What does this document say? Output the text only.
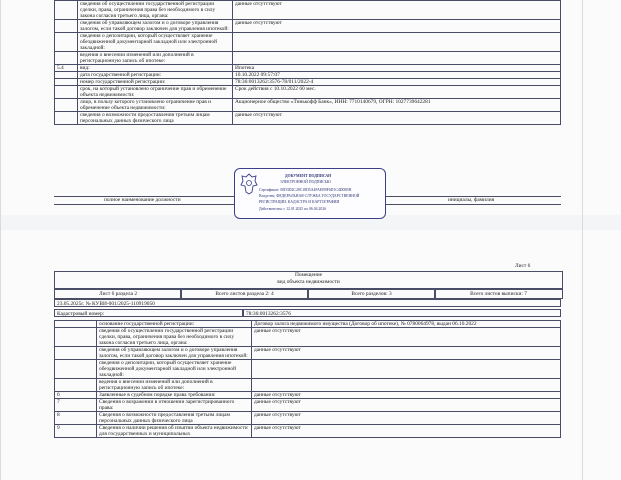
	сведения об осуществлении государственной регистрации сделки, права, ограничения права без необходимого в силу закона согласия третьего лица, органа:	данные отсутствуют
	сведения об управляющем залогом и о договоре управления залогом, если такой договор заключен для управления ипотекой:	данные отсутствуют
	сведения о депозитарии, который осуществляет хранение обездвиженной документарной закладной или электронной закладной:	
	ведения о внесении изменений или дополнений в регистрационную запись об ипотеке:	
5.4	вид:	Ипотека
	дата государственной регистрации:	10.10.2022 09:57:07
	номер государственной регистрации:	78:36:0013262:3576-78/011/2022-4
	срок, на который установлено ограничение прав и обременение объекта недвижимости:	Срок действия с 10.10.2022 60 мес.
	лицо, в пользу которого установлено ограничение прав и обременение объекта недвижимости:	Акционерное общество «Тинькофф Банк», ИНН: 7710140679, ОГРН: 1027739642281
	сведения о возможности предоставления третьим лицам персональных данных физического лица	данные отсутствуют
полное наименование должности	инициалы, фамилия
ДОКУМЕНТ ПОДПИСАН
ЭЛЕКТРОННОЙ ПОДПИСЬЮ
Сертификат: 00D3D2C28C18D5A4FAEB9F6D1C4D0B5B
Владелец: ФЕДЕРАЛЬНАЯ СЛУЖБА ГОСУДАРСТВЕННОЙ
РЕГИСТРАЦИИ, КАДАСТРА И КАРТОГРАФИИ
Действителен: с 12.01.2025 по 06.04.2026
Лист 6
Помещение
вид объекта недвижимости
Лист 6 раздела 2	Всего листов раздела 2: 4	Всего разделов: 3	Всего листов выписки: 7
23.05.2025г. № КУВИ-001/2025-110919050
Кадастровый номер:	78:36:0013262:3576
	основание государственной регистрации:	Договор залога недвижимого имущества (Договор об ипотеке), № 0780064978, выдан 06.10.2022
	сведения об осуществлении государственной регистрации сделки, права, ограничения права без необходимого в силу закона согласия третьего лица, органа:	данные отсутствуют
	сведения об управляющем залогом и о договоре управления залогом, если такой договор заключен для управления ипотекой:	данные отсутствуют
	сведения о депозитарии, который осуществляет хранение обездвиженной документарной закладной или электронной закладной:	
	ведения о внесении изменений или дополнений в регистрационную запись об ипотеке:	
6	Заявленные в судебном порядке права требования:	данные отсутствуют
7	Сведения о возражении в отношении зарегистрированного права:	данные отсутствуют
8	Сведения о возможности предоставления третьим лицам персональных данных физического лица	данные отсутствуют
9	Сведения о наличии решения об изъятии объекта недвижимости для государственных и муниципальных	данные отсутствуют
